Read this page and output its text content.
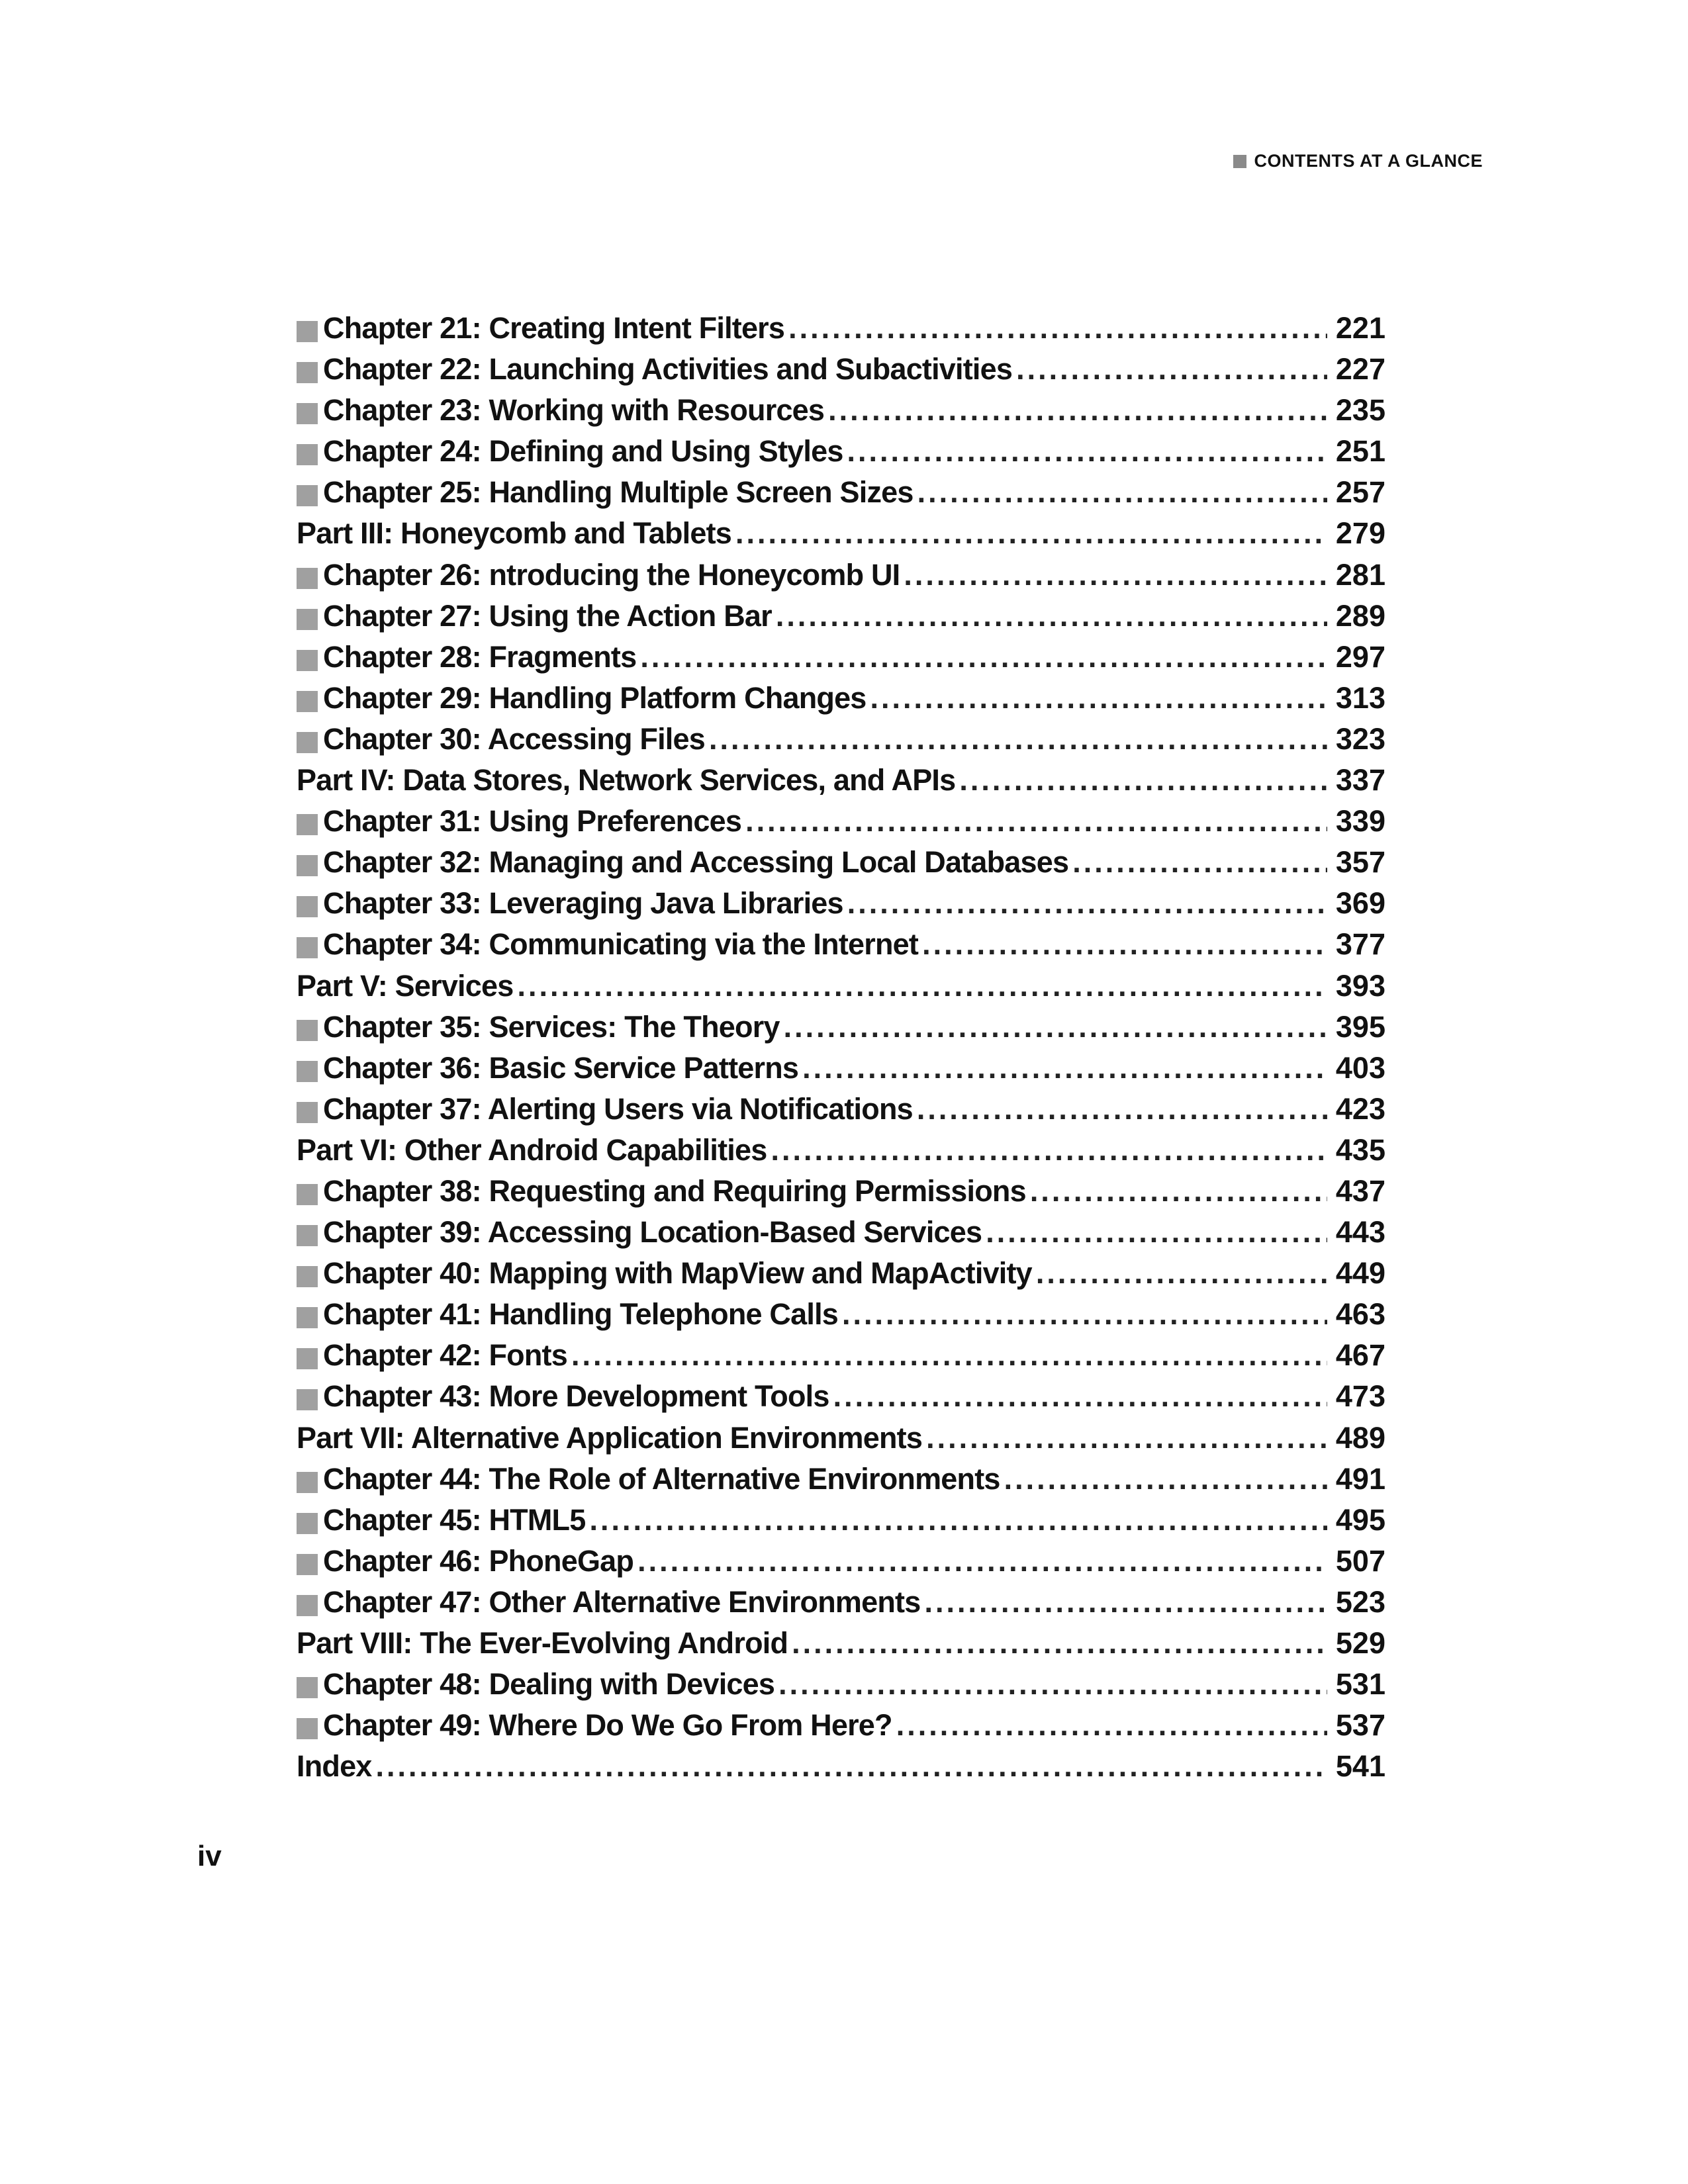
CONTENTS AT A GLANCE
Chapter 21: Creating Intent Filters .....	221
Chapter 22: Launching Activities and Subactivities .....	227
Chapter 23: Working with Resources .....	235
Chapter 24: Defining and Using Styles .....	251
Chapter 25: Handling Multiple Screen Sizes .....	257
Part III: Honeycomb and Tablets .....	279
Chapter 26: ntroducing the Honeycomb UI .....	281
Chapter 27: Using the Action Bar .....	289
Chapter 28: Fragments .....	297
Chapter 29: Handling Platform Changes .....	313
Chapter 30: Accessing Files .....	323
Part IV: Data Stores, Network Services, and APIs .....	337
Chapter 31: Using Preferences .....	339
Chapter 32: Managing and Accessing Local Databases .....	357
Chapter 33: Leveraging Java Libraries .....	369
Chapter 34: Communicating via the Internet .....	377
Part V: Services .....	393
Chapter 35: Services: The Theory .....	395
Chapter 36: Basic Service Patterns .....	403
Chapter 37: Alerting Users via Notifications .....	423
Part VI: Other Android Capabilities .....	435
Chapter 38: Requesting and Requiring Permissions .....	437
Chapter 39: Accessing Location-Based Services .....	443
Chapter 40: Mapping with MapView and MapActivity .....	449
Chapter 41: Handling Telephone Calls .....	463
Chapter 42: Fonts .....	467
Chapter 43: More Development Tools .....	473
Part VII: Alternative Application Environments .....	489
Chapter 44: The Role of Alternative Environments .....	491
Chapter 45: HTML5 .....	495
Chapter 46: PhoneGap .....	507
Chapter 47: Other Alternative Environments .....	523
Part VIII: The Ever-Evolving Android .....	529
Chapter 48: Dealing with Devices .....	531
Chapter 49: Where Do We Go From Here? .....	537
Index .....	541
iv
